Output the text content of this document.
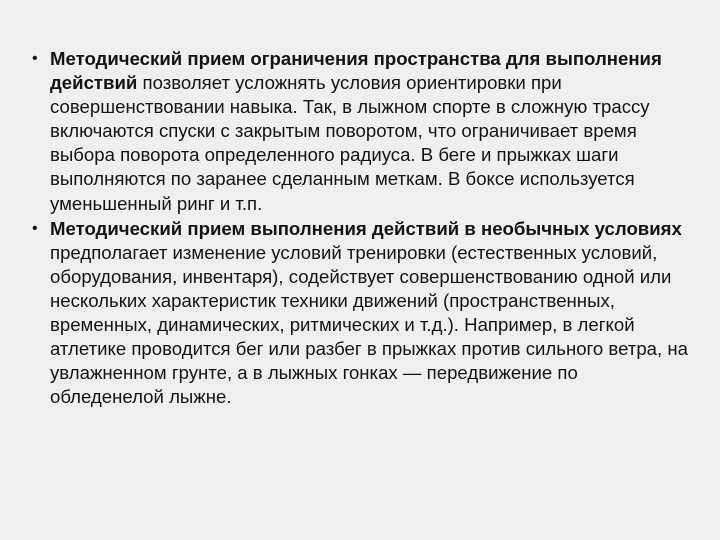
• Методический прием ограничения пространства для выполнения действий позволяет усложнять условия ориентировки при совершенствовании навыка. Так, в лыжном спорте в сложную трассу включаются спуски с закрытым поворотом, что ограничивает время выбора поворота определенного радиуса. В беге и прыжках шаги выполняются по заранее сделанным меткам. В боксе используется уменьшенный ринг и т.п.
• Методический прием выполнения действий в необычных условиях предполагает изменение условий тренировки (естественных условий, оборудования, инвентаря), содействует совершенствованию одной или нескольких характеристик техники движений (пространственных, временных, динамических, ритмических и т.д.). Например, в легкой атлетике проводится бег или разбег в прыжках против сильного ветра, на увлажненном грунте, а в лыжных гонках — передвижение по обледенелой лыжне.
